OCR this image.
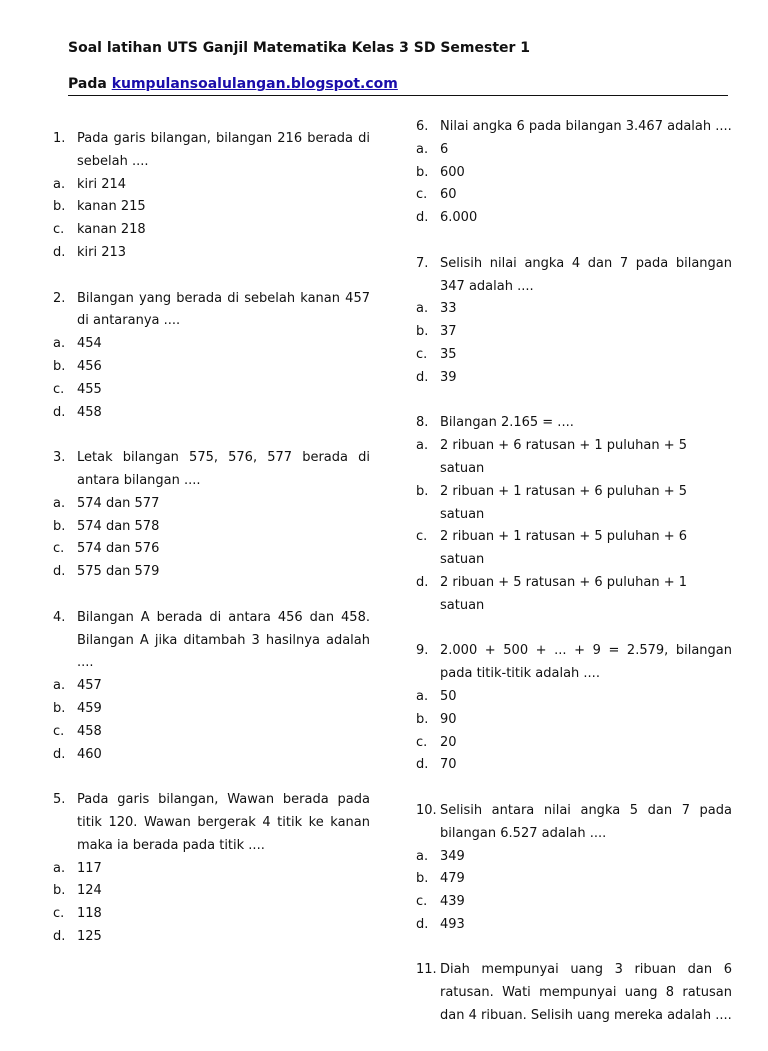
Soal latihan UTS Ganjil Matematika Kelas 3 SD Semester 1
Pada kumpulansoalulangan.blogspot.com
1. Pada garis bilangan, bilangan 216 berada di sebelah ....
a. kiri 214
b. kanan 215
c. kanan 218
d. kiri 213
2. Bilangan yang berada di sebelah kanan 457 di antaranya ....
a. 454
b. 456
c. 455
d. 458
3. Letak bilangan 575, 576, 577 berada di antara bilangan ....
a. 574 dan 577
b. 574 dan 578
c. 574 dan 576
d. 575 dan 579
4. Bilangan A berada di antara 456 dan 458. Bilangan A jika ditambah 3 hasilnya adalah ....
a. 457
b. 459
c. 458
d. 460
5. Pada garis bilangan, Wawan berada pada titik 120. Wawan bergerak 4 titik ke kanan maka ia berada pada titik ....
a. 117
b. 124
c. 118
d. 125
6. Nilai angka 6 pada bilangan 3.467 adalah ....
a. 6
b. 600
c. 60
d. 6.000
7. Selisih nilai angka 4 dan 7 pada bilangan 347 adalah ....
a. 33
b. 37
c. 35
d. 39
8. Bilangan 2.165 = ....
a. 2 ribuan + 6 ratusan + 1 puluhan + 5 satuan
b. 2 ribuan + 1 ratusan + 6 puluhan + 5 satuan
c. 2 ribuan + 1 ratusan + 5 puluhan + 6 satuan
d. 2 ribuan + 5 ratusan + 6 puluhan + 1 satuan
9. 2.000 + 500 + ... + 9 = 2.579, bilangan pada titik-titik adalah ....
a. 50
b. 90
c. 20
d. 70
10. Selisih antara nilai angka 5 dan 7 pada bilangan 6.527 adalah ....
a. 349
b. 479
c. 439
d. 493
11. Diah mempunyai uang 3 ribuan dan 6 ratusan. Wati mempunyai uang 8 ratusan dan 4 ribuan. Selisih uang mereka adalah ....
